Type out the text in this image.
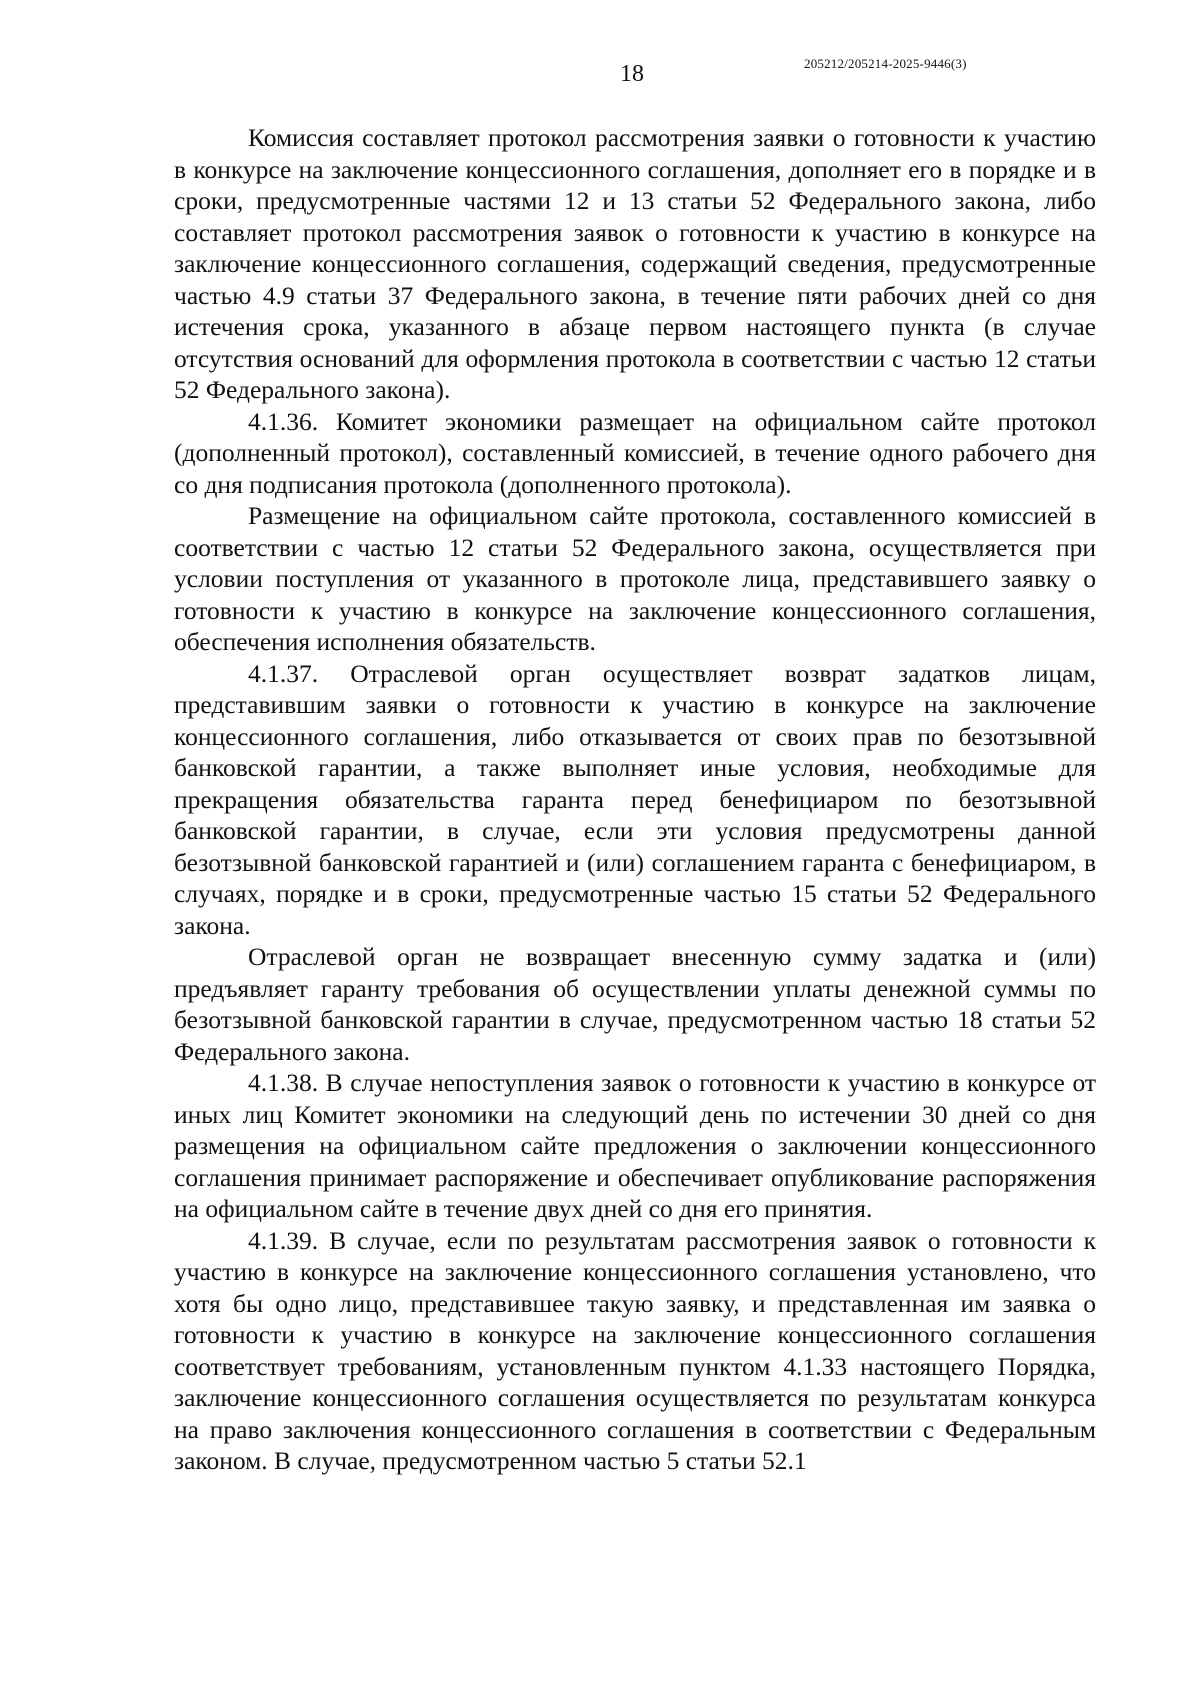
18	205212/205214-2025-9446(3)

Комиссия составляет протокол рассмотрения заявки о готовности к участию в конкурсе на заключение концессионного соглашения, дополняет его в порядке и в сроки, предусмотренные частями 12 и 13 статьи 52 Федерального закона, либо составляет протокол рассмотрения заявок о готовности к участию в конкурсе на заключение концессионного соглашения, содержащий сведения, предусмотренные частью 4.9 статьи 37 Федерального закона, в течение пяти рабочих дней со дня истечения срока, указанного в абзаце первом настоящего пункта (в случае отсутствия оснований для оформления протокола в соответствии с частью 12 статьи 52 Федерального закона).

4.1.36. Комитет экономики размещает на официальном сайте протокол (дополненный протокол), составленный комиссией, в течение одного рабочего дня со дня подписания протокола (дополненного протокола).

Размещение на официальном сайте протокола, составленного комиссией в соответствии с частью 12 статьи 52 Федерального закона, осуществляется при условии поступления от указанного в протоколе лица, представившего заявку о готовности к участию в конкурсе на заключение концессионного соглашения, обеспечения исполнения обязательств.

4.1.37. Отраслевой орган осуществляет возврат задатков лицам, представившим заявки о готовности к участию в конкурсе на заключение концессионного соглашения, либо отказывается от своих прав по безотзывной банковской гарантии, а также выполняет иные условия, необходимые для прекращения обязательства гаранта перед бенефициаром по безотзывной банковской гарантии, в случае, если эти условия предусмотрены данной безотзывной банковской гарантией и (или) соглашением гаранта с бенефициаром, в случаях, порядке и в сроки, предусмотренные частью 15 статьи 52 Федерального закона.

Отраслевой орган не возвращает внесенную сумму задатка и (или) предъявляет гаранту требования об осуществлении уплаты денежной суммы по безотзывной банковской гарантии в случае, предусмотренном частью 18 статьи 52 Федерального закона.

4.1.38. В случае непоступления заявок о готовности к участию в конкурсе от иных лиц Комитет экономики на следующий день по истечении 30 дней со дня размещения на официальном сайте предложения о заключении концессионного соглашения принимает распоряжение и обеспечивает опубликование распоряжения на официальном сайте в течение двух дней со дня его принятия.

4.1.39. В случае, если по результатам рассмотрения заявок о готовности к участию в конкурсе на заключение концессионного соглашения установлено, что хотя бы одно лицо, представившее такую заявку, и представленная им заявка о готовности к участию в конкурсе на заключение концессионного соглашения соответствует требованиям, установленным пунктом 4.1.33 настоящего Порядка, заключение концессионного соглашения осуществляется по результатам конкурса на право заключения концессионного соглашения в соответствии с Федеральным законом. В случае, предусмотренном частью 5 статьи 52.1
